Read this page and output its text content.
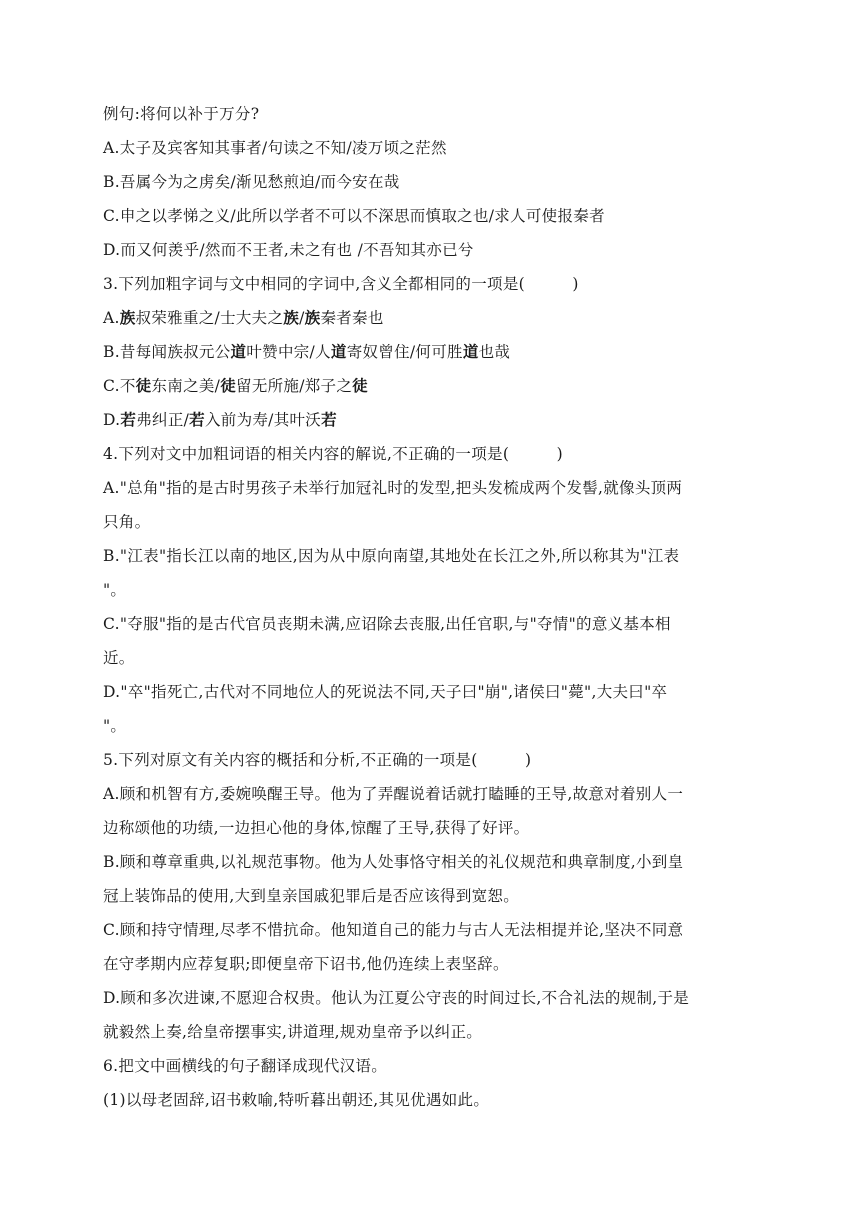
例句:将何以补于万分?
A.太子及宾客知其事者/句读之不知/凌万顷之茫然
B.吾属今为之虏矣/渐见愁煎迫/而今安在哉
C.申之以孝悌之义/此所以学者不可以不深思而慎取之也/求人可使报秦者
D.而又何羡乎/然而不王者,未之有也 /不吾知其亦已兮
3.下列加粗字词与文中相同的字词中,含义全都相同的一项是(　　　)
A.族叔荣雅重之/士大夫之族/族秦者秦也
B.昔每闻族叔元公道叶赞中宗/人道寄奴曾住/何可胜道也哉
C.不徒东南之美/徒留无所施/郑子之徒
D.若弗纠正/若入前为寿/其叶沃若
4.下列对文中加粗词语的相关内容的解说,不正确的一项是(　　　)
A."总角"指的是古时男孩子未举行加冠礼时的发型,把头发梳成两个发髻,就像头顶两
只角。
B."江表"指长江以南的地区,因为从中原向南望,其地处在长江之外,所以称其为"江表
"。
C."夺服"指的是古代官员丧期未满,应诏除去丧服,出任官职,与"夺情"的意义基本相
近。
D."卒"指死亡,古代对不同地位人的死说法不同,天子曰"崩",诸侯曰"薨",大夫曰"卒
"。
5.下列对原文有关内容的概括和分析,不正确的一项是(　　　)
A.顾和机智有方,委婉唤醒王导。他为了弄醒说着话就打瞌睡的王导,故意对着别人一
边称颂他的功绩,一边担心他的身体,惊醒了王导,获得了好评。
B.顾和尊章重典,以礼规范事物。他为人处事恪守相关的礼仪规范和典章制度,小到皇
冠上装饰品的使用,大到皇亲国戚犯罪后是否应该得到宽恕。
C.顾和持守情理,尽孝不惜抗命。他知道自己的能力与古人无法相提并论,坚决不同意
在守孝期内应荐复职;即便皇帝下诏书,他仍连续上表坚辞。
D.顾和多次进谏,不愿迎合权贵。他认为江夏公守丧的时间过长,不合礼法的规制,于是
就毅然上奏,给皇帝摆事实,讲道理,规劝皇帝予以纠正。
6.把文中画横线的句子翻译成现代汉语。
(1)以母老固辞,诏书敕喻,特听暮出朝还,其见优遇如此。
